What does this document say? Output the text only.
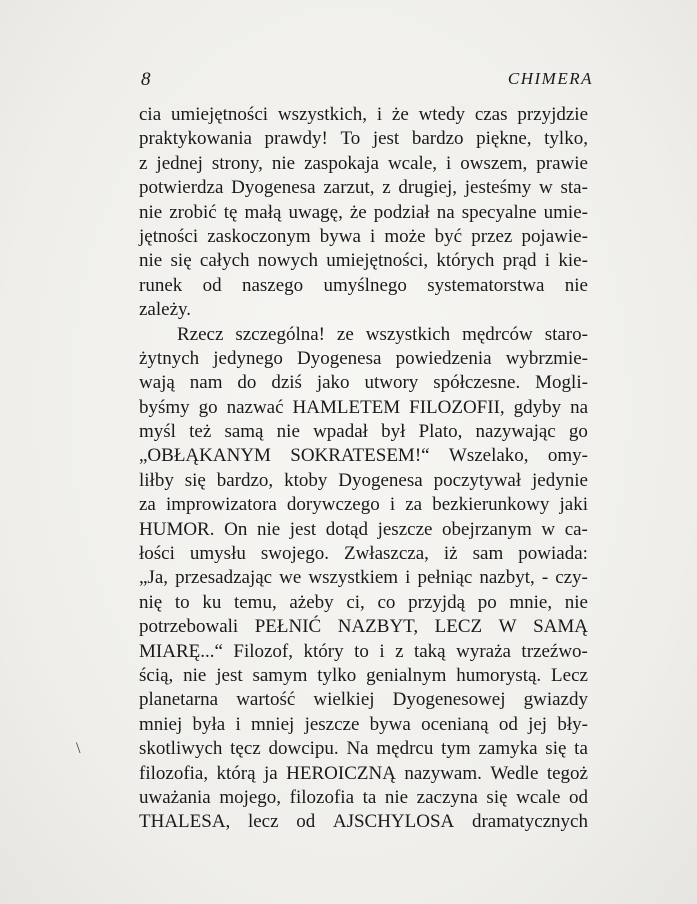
8	CHIMERA
cia umiejętności wszystkich, i że wtedy czas przyjdzie
praktykowania prawdy! To jest bardzo piękne, tylko,
z jednej strony, nie zaspokaja wcale, i owszem, prawie
potwierdza Dyogenesa zarzut, z drugiej, jesteśmy w sta-
nie zrobić tę małą uwagę, że podział na specyalne umie-
jętności zaskoczonym bywa i może być przez pojawie-
nie się całych nowych umiejętności, których prąd i kie-
runek od naszego umyślnego systematorstwa nie
zależy.
Rzecz szczególna! ze wszystkich mędrców staro-
żytnych jedynego Dyogenesa powiedzenia wybrzmie-
wają nam do dziś jako utwory spółczesne. Mogli-
byśmy go nazwać HAMLETEM FILOZOFII, gdyby na
myśl też samą nie wpadał był Plato, nazywając go
„OBŁĄKANYM SOKRATESEM!“ Wszelako, omy-
liłby się bardzo, ktoby Dyogenesa poczytywał jedynie
za improwizatora dorywczego i za bezkierunkowy jaki
HUMOR. On nie jest dotąd jeszcze obejrzanym w ca-
łości umysłu swojego. Zwłaszcza, iż sam powiada:
„Ja, przesadzając we wszystkiem i pełniąc nazbyt, - czy-
nię to ku temu, ażeby ci, co przyjdą po mnie, nie
potrzebowali PEŁNIĆ NAZBYT, LECZ W SAMĄ
MIARĘ...“ Filozof, który to i z taką wyraża trzeźwo-
ścią, nie jest samym tylko genialnym humorystą. Lecz
planetarna wartość wielkiej Dyogenesowej gwiazdy
mniej była i mniej jeszcze bywa ocenianą od jej bły-
skotliwych tęcz dowcipu. Na mędrcu tym zamyka się ta
filozofia, którą ja HEROICZNĄ nazywam. Wedle tegoż
uważania mojego, filozofia ta nie zaczyna się wcale od
THALESA, lecz od AJSCHYLOSA dramatycznych
\
